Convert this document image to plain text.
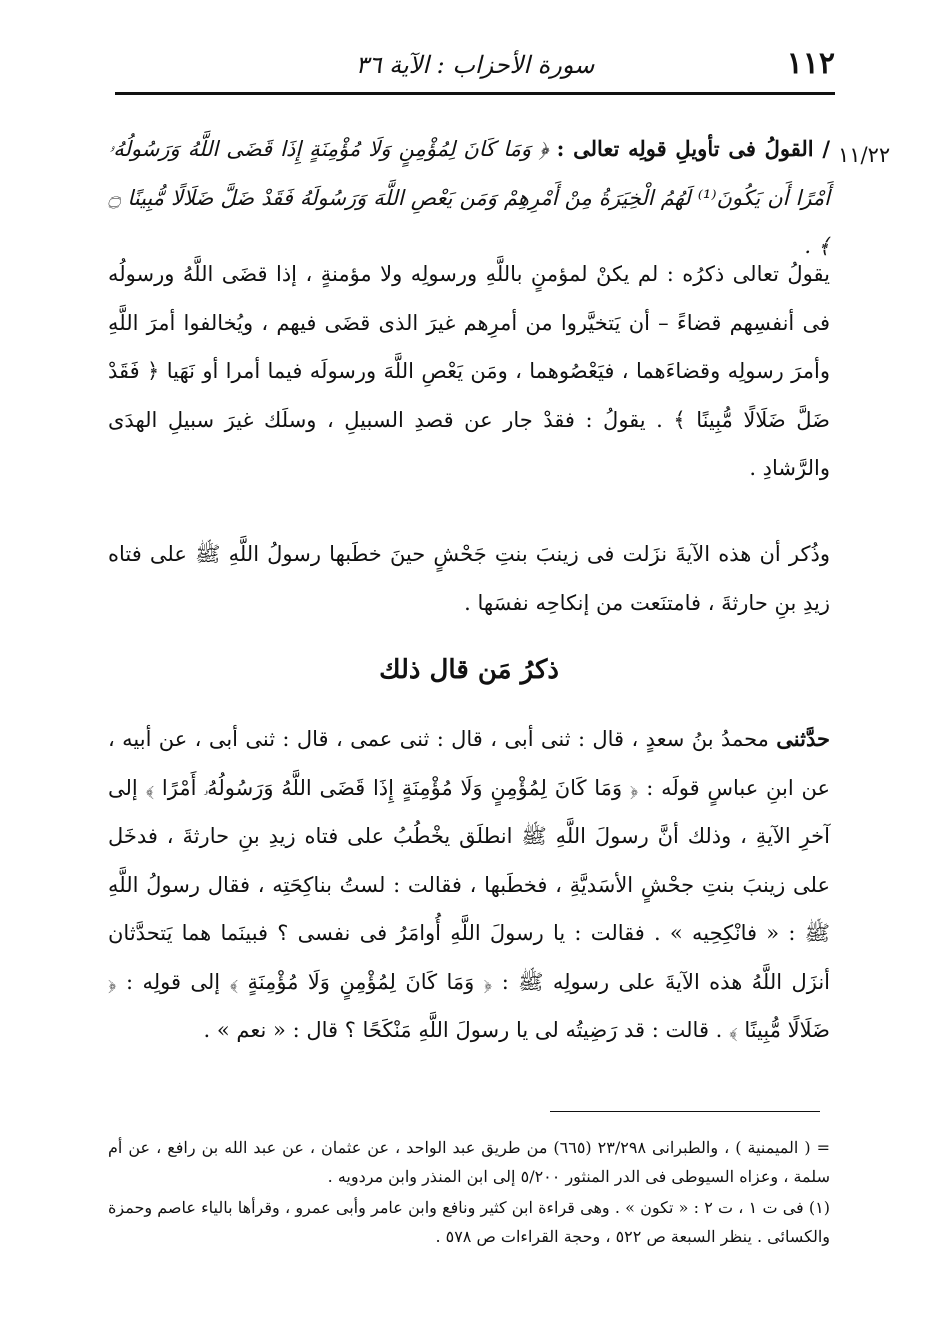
١١٢
سورة الأحزاب : الآية ٣٦
١١/٢٢
/ القولُ فى تأويلِ قولِه تعالى : ﴿ وَمَا كَانَ لِمُؤْمِنٍ وَلَا مُؤْمِنَةٍ إِذَا قَضَى اللَّهُ وَرَسُولُهُۥ أَمْرًا أَن يَكُونَ⁽¹⁾ لَهُمُ الْخِيَرَةُ مِنْ أَمْرِهِمْ وَمَن يَعْصِ اللَّهَ وَرَسُولَهُ فَقَدْ ضَلَّ ضَلَالًا مُّبِينًا ۝ ﴾ .

يقولُ تعالى ذكرُه : لم يكنْ لمؤمنٍ باللَّهِ ورسولِه ولا مؤمنةٍ ، إذا قضَى اللَّهُ ورسولُه فى أنفسِهم قضاءً – أن يَتخيَّروا من أمرِهم غيرَ الذى قضَى فيهم ، ويُخالفوا أمرَ اللَّهِ وأمرَ رسولِه وقضاءَهما ، فيَعْصُوهما ، ومَن يَعْصِ اللَّهَ ورسولَه فيما أمرا أو نَهَيا ﴿ فَقَدْ ضَلَّ ضَلَالًا مُّبِينًا ﴾ . يقولُ : فقدْ جار عن قصدِ السبيلِ ، وسلَك غيرَ سبيلِ الهدَى والرَّشادِ .

وذُكر أن هذه الآيةَ نزَلت فى زينبَ بنتِ جَحْشٍ حينَ خطَبها رسولُ اللَّهِ ﷺ على فتاه زيدِ بنِ حارثةَ ، فامتنَعت من إنكاحِه نفسَها .

ذكرُ مَن قال ذلك
حدَّثنى محمدُ بنُ سعدٍ ، قال : ثنى أبى ، قال : ثنى عمى ، قال : ثنى أبى ، عن أبيه ، عن ابنِ عباسٍ قولَه : ﴿ وَمَا كَانَ لِمُؤْمِنٍ وَلَا مُؤْمِنَةٍ إِذَا قَضَى اللَّهُ وَرَسُولُهُۥ أَمْرًا ﴾ إلى آخرِ الآيةِ ، وذلك أنَّ رسولَ اللَّهِ ﷺ انطلَق يخْطُبُ على فتاه زيدِ بنِ حارثةَ ، فدخَل على زينبَ بنتِ جحْشٍ الأسَديَّةِ ، فخطَبها ، فقالت : لستُ بناكِحَتِه ، فقال رسولُ اللَّهِ ﷺ : « فانْكِحِيه » . فقالت : يا رسولَ اللَّهِ أُوامَرُ فى نفسى ؟ فبينَما هما يَتحدَّثان أنزَل اللَّهُ هذه الآيةَ على رسولِه ﷺ : ﴿ وَمَا كَانَ لِمُؤْمِنٍ وَلَا مُؤْمِنَةٍ ﴾ إلى قولِه : ﴿ ضَلَالًا مُّبِينًا ﴾ . قالت : قد رَضِيتُه لى يا رسولَ اللَّهِ مَنْكَحًا ؟ قال : « نعم » .

= ( الميمنية ) ، والطبرانى ٢٣/٢٩٨ (٦٦٥) من طريق عبد الواحد ، عن عثمان ، عن عبد الله بن رافع ، عن أم سلمة ، وعزاه السيوطى فى الدر المنثور ٥/٢٠٠ إلى ابن المنذر وابن مردويه .

(١) فى ت ١ ، ت ٢ : « تكون » . وهى قراءة ابن كثير ونافع وابن عامر وأبى عمرو ، وقرأها بالياء عاصم وحمزة والكسائى . ينظر السبعة ص ٥٢٢ ، وحجة القراءات ص ٥٧٨ .
